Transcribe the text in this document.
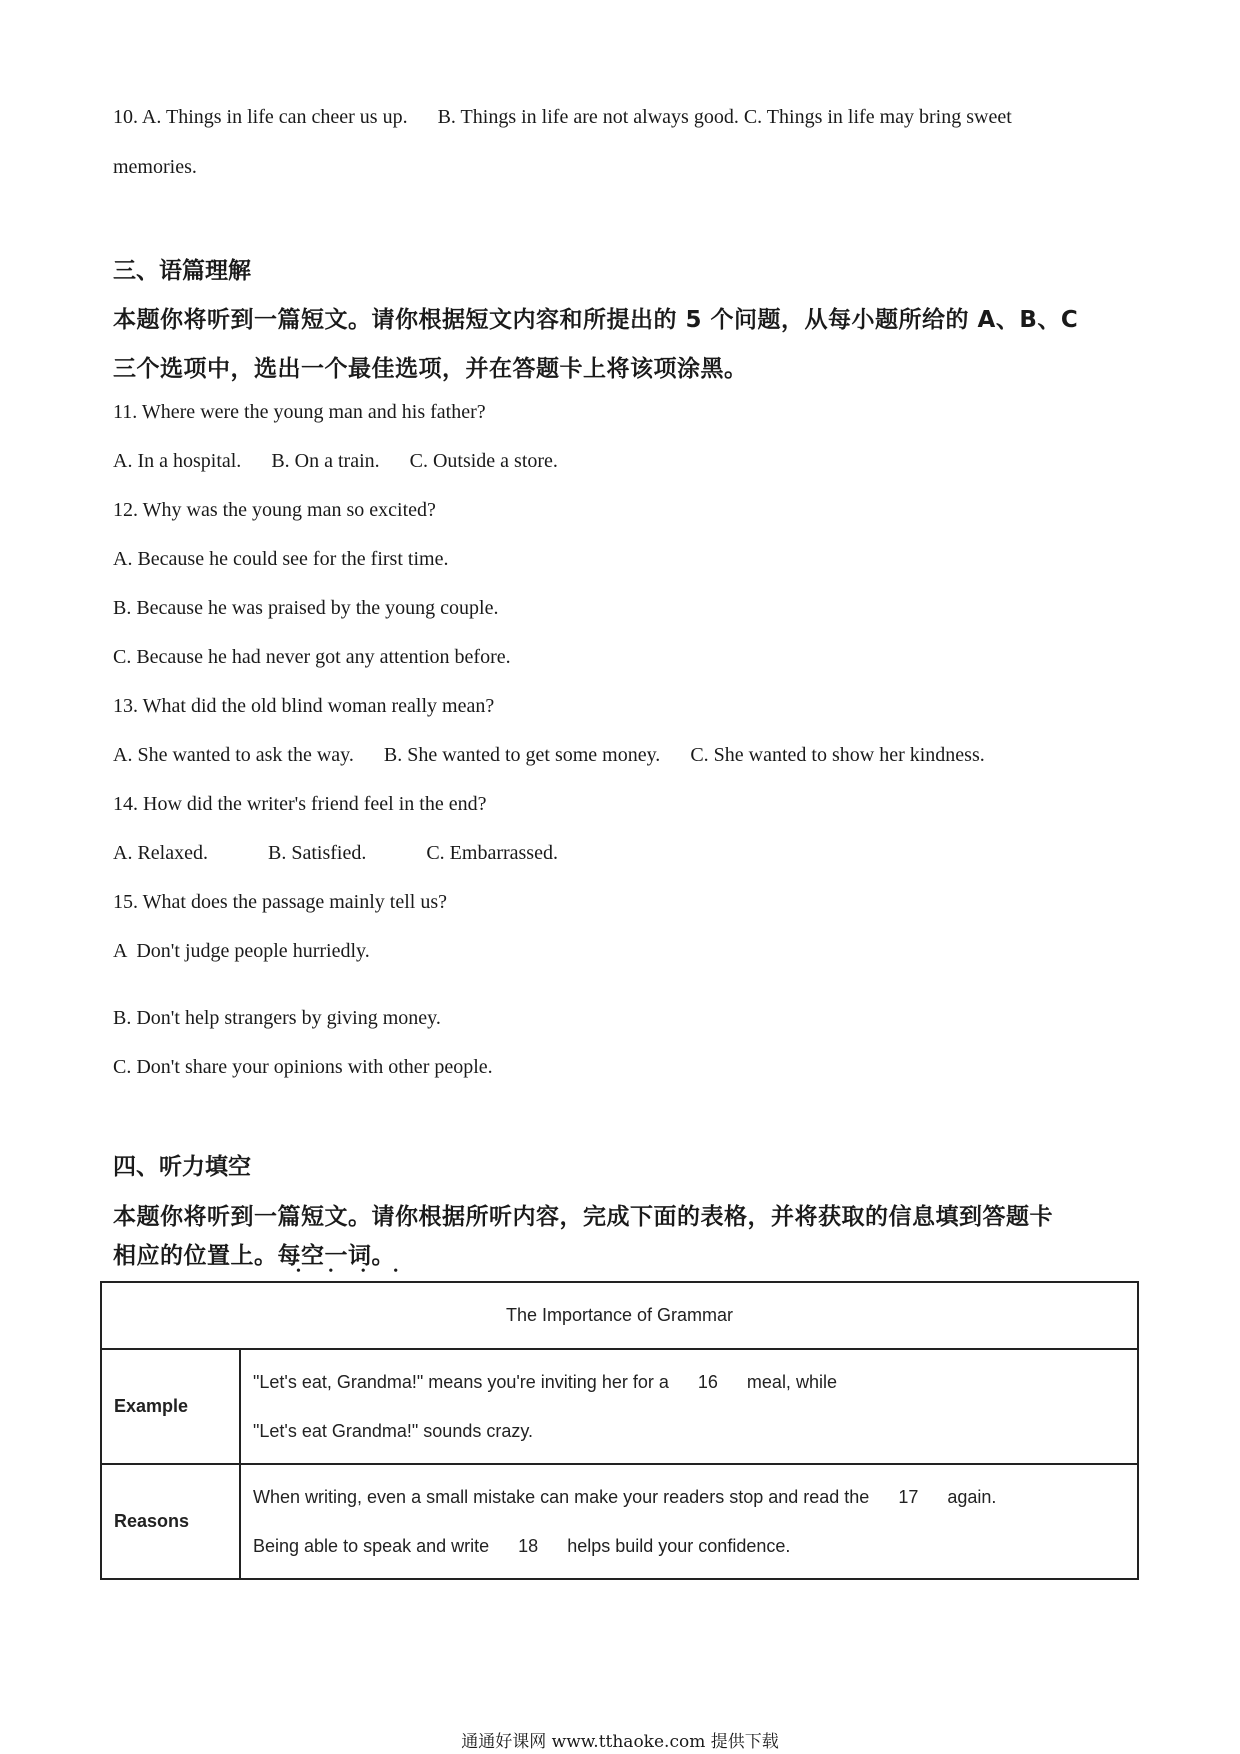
10. A. Things in life can cheer us up. B. Things in life are not always good. C. Things in life may bring sweet
memories.
三、语篇理解
本题你将听到一篇短文。请你根据短文内容和所提出的 5 个问题，从每小题所给的 A、B、C
三个选项中，选出一个最佳选项，并在答题卡上将该项涂黑。
11. Where were the young man and his father?
A. In a hospital. B. On a train. C. Outside a store.
12. Why was the young man so excited?
A. Because he could see for the first time.
B. Because he was praised by the young couple.
C. Because he had never got any attention before.
13. What did the old blind woman really mean?
A. She wanted to ask the way. B. She wanted to get some money. C. She wanted to show her kindness.
14. How did the writer's friend feel in the end?
A. Relaxed.	B. Satisfied.	C. Embarrassed.
15. What does the passage mainly tell us?
A  Don't judge people hurriedly.
B. Don't help strangers by giving money.
C. Don't share your opinions with other people.
四、听力填空
本题你将听到一篇短文。请你根据所听内容，完成下面的表格，并将获取的信息填到答题卡
相应的位置上。每空一词。
• • • •
The Importance of Grammar	
Example	"Let's eat, Grandma!" means you're inviting her for a 16 meal, while
"Let's eat Grandma!" sounds crazy.

Reasons	When writing, even a small mistake can make your readers stop and read the 17 again.
Being able to speak and write 18 helps build your confidence.
通通好课网 www.tthaoke.com 提供下载
